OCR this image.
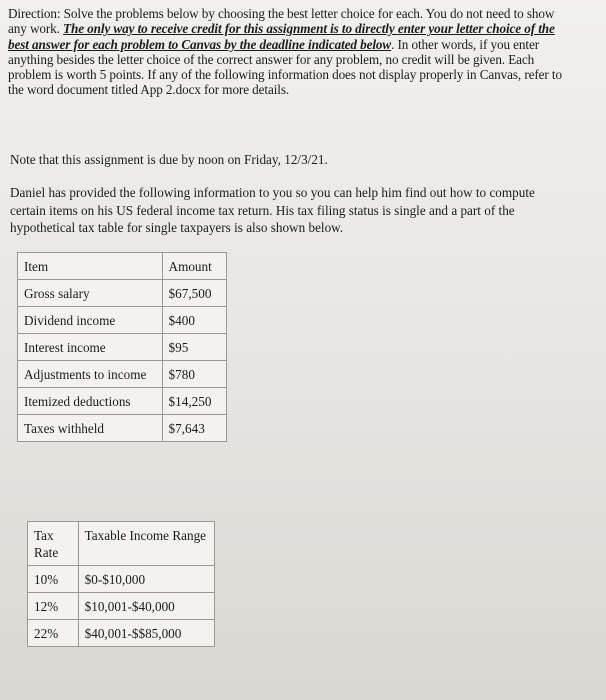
Direction: Solve the problems below by choosing the best letter choice for each. You do not need to show any work. The only way to receive credit for this assignment is to directly enter your letter choice of the best answer for each problem to Canvas by the deadline indicated below. In other words, if you enter anything besides the letter choice of the correct answer for any problem, no credit will be given. Each problem is worth 5 points. If any of the following information does not display properly in Canvas, refer to the word document titled App 2.docx for more details.
Note that this assignment is due by noon on Friday, 12/3/21.
Daniel has provided the following information to you so you can help him find out how to compute certain items on his US federal income tax return. His tax filing status is single and a part of the hypothetical tax table for single taxpayers is also shown below.
Item	Amount
Gross salary	$67,500
Dividend income	$400
Interest income	$95
Adjustments to income	$780
Itemized deductions	$14,250
Taxes withheld	$7,643
Tax Rate	Taxable Income Range
10%	$0-$10,000
12%	$10,001-$40,000
22%	$40,001-$$85,000
